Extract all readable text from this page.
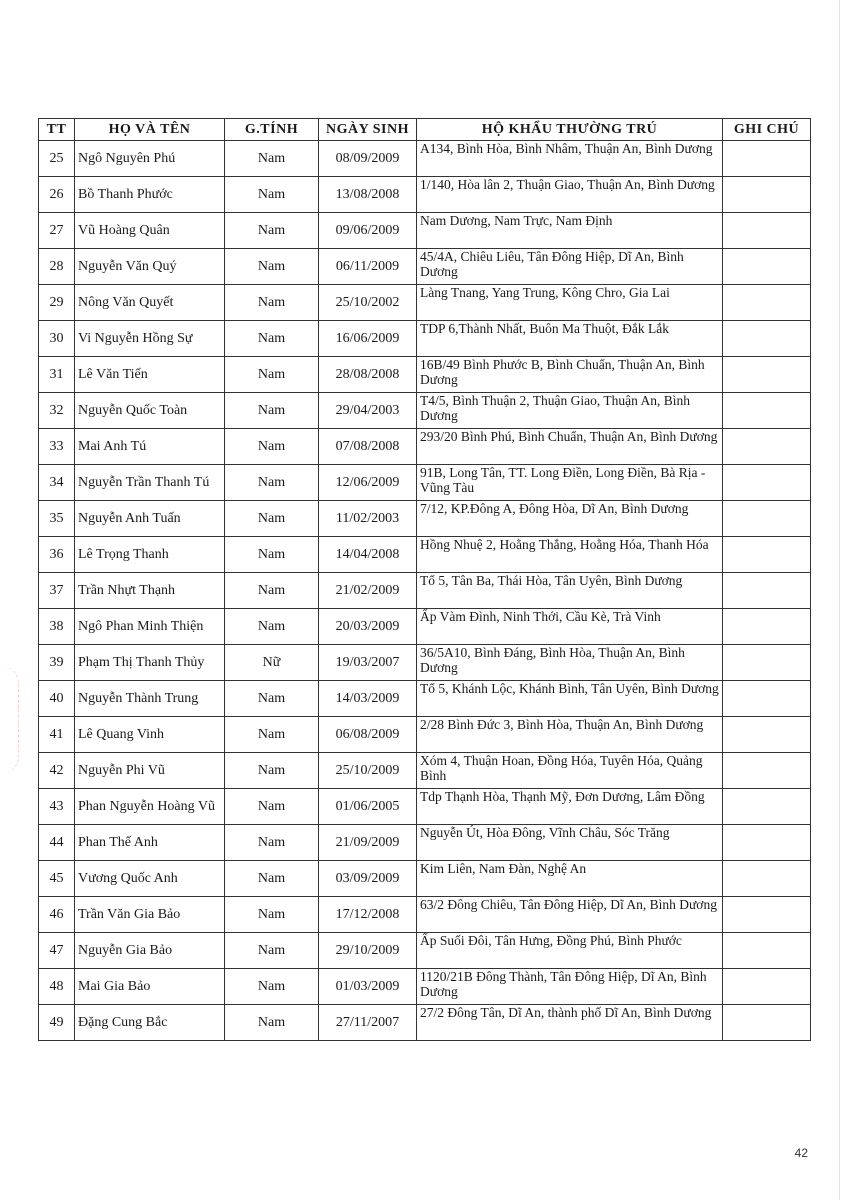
TT	HỌ VÀ TÊN	G.TÍNH	NGÀY SINH	HỘ KHẨU THƯỜNG TRÚ	GHI CHÚ
25	Ngô Nguyên Phú	Nam	08/09/2009	A134, Bình Hòa, Bình Nhâm, Thuận An, Bình Dương	
26	Bồ Thanh Phước	Nam	13/08/2008	1/140, Hòa lân 2, Thuận Giao, Thuận An, Bình Dương	
27	Vũ Hoàng Quân	Nam	09/06/2009	Nam Dương, Nam Trực, Nam Định	
28	Nguyễn Văn Quý	Nam	06/11/2009	45/4A, Chiêu Liêu, Tân Đông Hiệp, Dĩ An, Bình Dương	
29	Nông Văn Quyết	Nam	25/10/2002	Làng Tnang, Yang Trung, Kông Chro, Gia Lai	
30	Vi Nguyễn Hồng Sự	Nam	16/06/2009	TDP 6,Thành Nhất, Buôn Ma Thuột, Đắk Lắk	
31	Lê Văn Tiến	Nam	28/08/2008	16B/49 Bình Phước B, Bình Chuẩn, Thuận An, Bình Dương	
32	Nguyễn Quốc Toàn	Nam	29/04/2003	T4/5, Bình Thuận 2, Thuận Giao, Thuận An, Bình Dương	
33	Mai Anh Tú	Nam	07/08/2008	293/20 Bình Phú, Bình Chuẩn, Thuận An, Bình Dương	
34	Nguyễn Trần Thanh Tú	Nam	12/06/2009	91B, Long Tân, TT. Long Điền, Long Điền, Bà Rịa - Vũng Tàu	
35	Nguyễn Anh Tuấn	Nam	11/02/2003	7/12, KP.Đông A, Đông Hòa, Dĩ An, Bình Dương	
36	Lê Trọng Thanh	Nam	14/04/2008	Hồng Nhuệ 2, Hoằng Thắng, Hoằng Hóa, Thanh Hóa	
37	Trần Nhựt Thạnh	Nam	21/02/2009	Tổ 5, Tân Ba, Thái Hòa, Tân Uyên, Bình Dương	
38	Ngô Phan Minh Thiện	Nam	20/03/2009	Ấp Vàm Đình, Ninh Thới, Cầu Kè, Trà Vinh	
39	Phạm Thị Thanh Thủy	Nữ	19/03/2007	36/5A10, Bình Đáng, Bình Hòa, Thuận An, Bình Dương	
40	Nguyễn Thành Trung	Nam	14/03/2009	Tổ 5, Khánh Lộc, Khánh Bình, Tân Uyên, Bình Dương	
41	Lê Quang Vinh	Nam	06/08/2009	2/28 Bình Đức 3, Bình Hòa, Thuận An, Bình Dương	
42	Nguyễn Phi Vũ	Nam	25/10/2009	Xóm 4, Thuận Hoan, Đồng Hóa, Tuyên Hóa, Quảng Bình	
43	Phan Nguyễn Hoàng Vũ	Nam	01/06/2005	Tdp Thạnh Hòa, Thạnh Mỹ, Đơn Dương, Lâm Đồng	
44	Phan Thế Anh	Nam	21/09/2009	Nguyễn Út, Hòa Đông, Vĩnh Châu, Sóc Trăng	
45	Vương Quốc Anh	Nam	03/09/2009	Kim Liên, Nam Đàn, Nghệ An	
46	Trần Văn Gia Bảo	Nam	17/12/2008	63/2 Đông Chiêu, Tân Đông Hiệp, Dĩ An, Bình Dương	
47	Nguyễn Gia Bảo	Nam	29/10/2009	Ấp Suối Đôi, Tân Hưng, Đồng Phú, Bình Phước	
48	Mai Gia Bảo	Nam	01/03/2009	1120/21B Đông Thành, Tân Đông Hiệp, Dĩ An, Bình Dương	
49	Đặng Cung Bắc	Nam	27/11/2007	27/2 Đông Tân, Dĩ An, thành phố Dĩ An, Bình Dương	
42
